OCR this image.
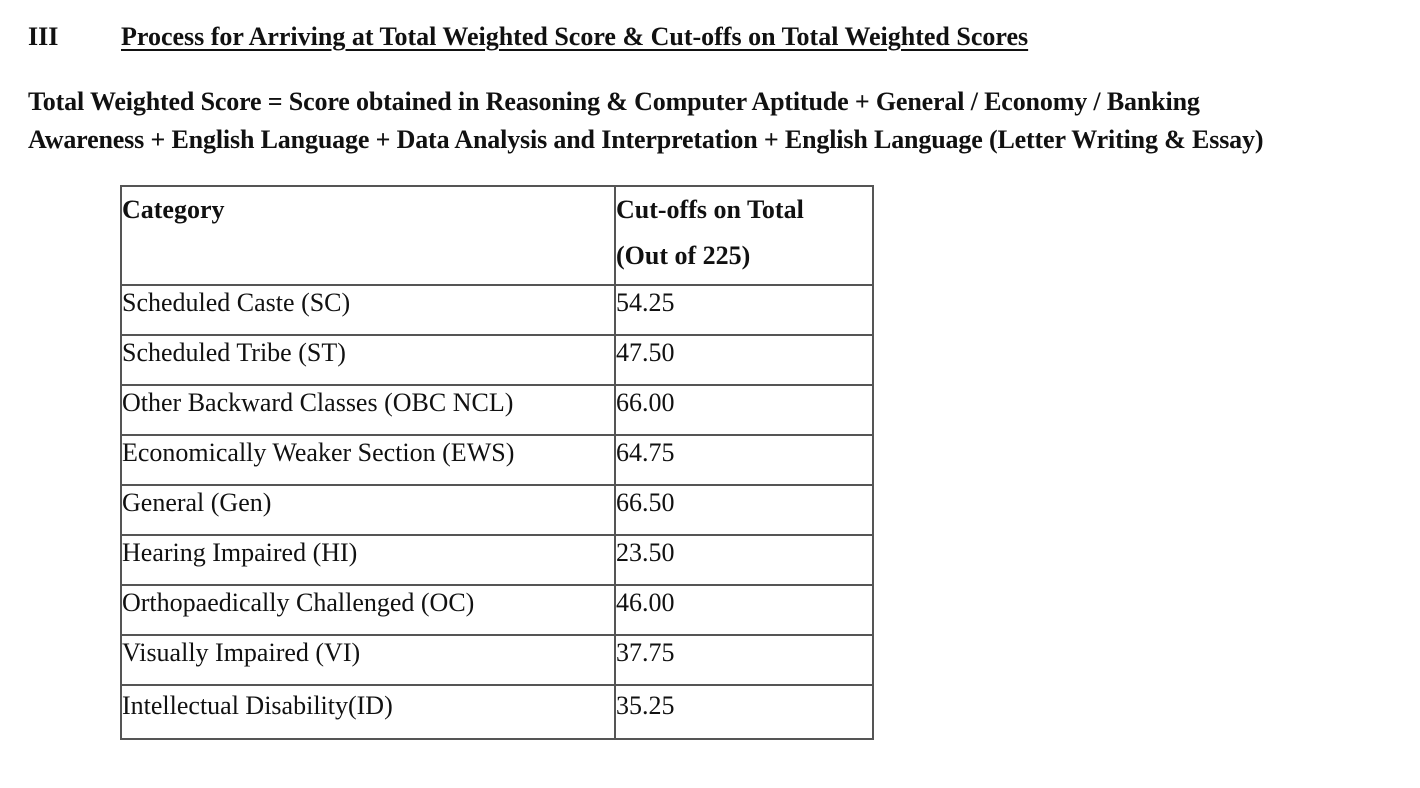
III Process for Arriving at Total Weighted Score & Cut-offs on Total Weighted Scores
Total Weighted Score = Score obtained in Reasoning & Computer Aptitude + General / Economy / Banking
Awareness + English Language + Data Analysis and Interpretation + English Language (Letter Writing & Essay)
Category	Cut-offs on Total
(Out of 225)

Scheduled Caste (SC)	54.25
Scheduled Tribe (ST)	47.50
Other Backward Classes (OBC NCL)	66.00
Economically Weaker Section (EWS)	64.75
General (Gen)	66.50
Hearing Impaired (HI)	23.50
Orthopaedically Challenged (OC)	46.00
Visually Impaired (VI)	37.75
Intellectual Disability(ID)	35.25
